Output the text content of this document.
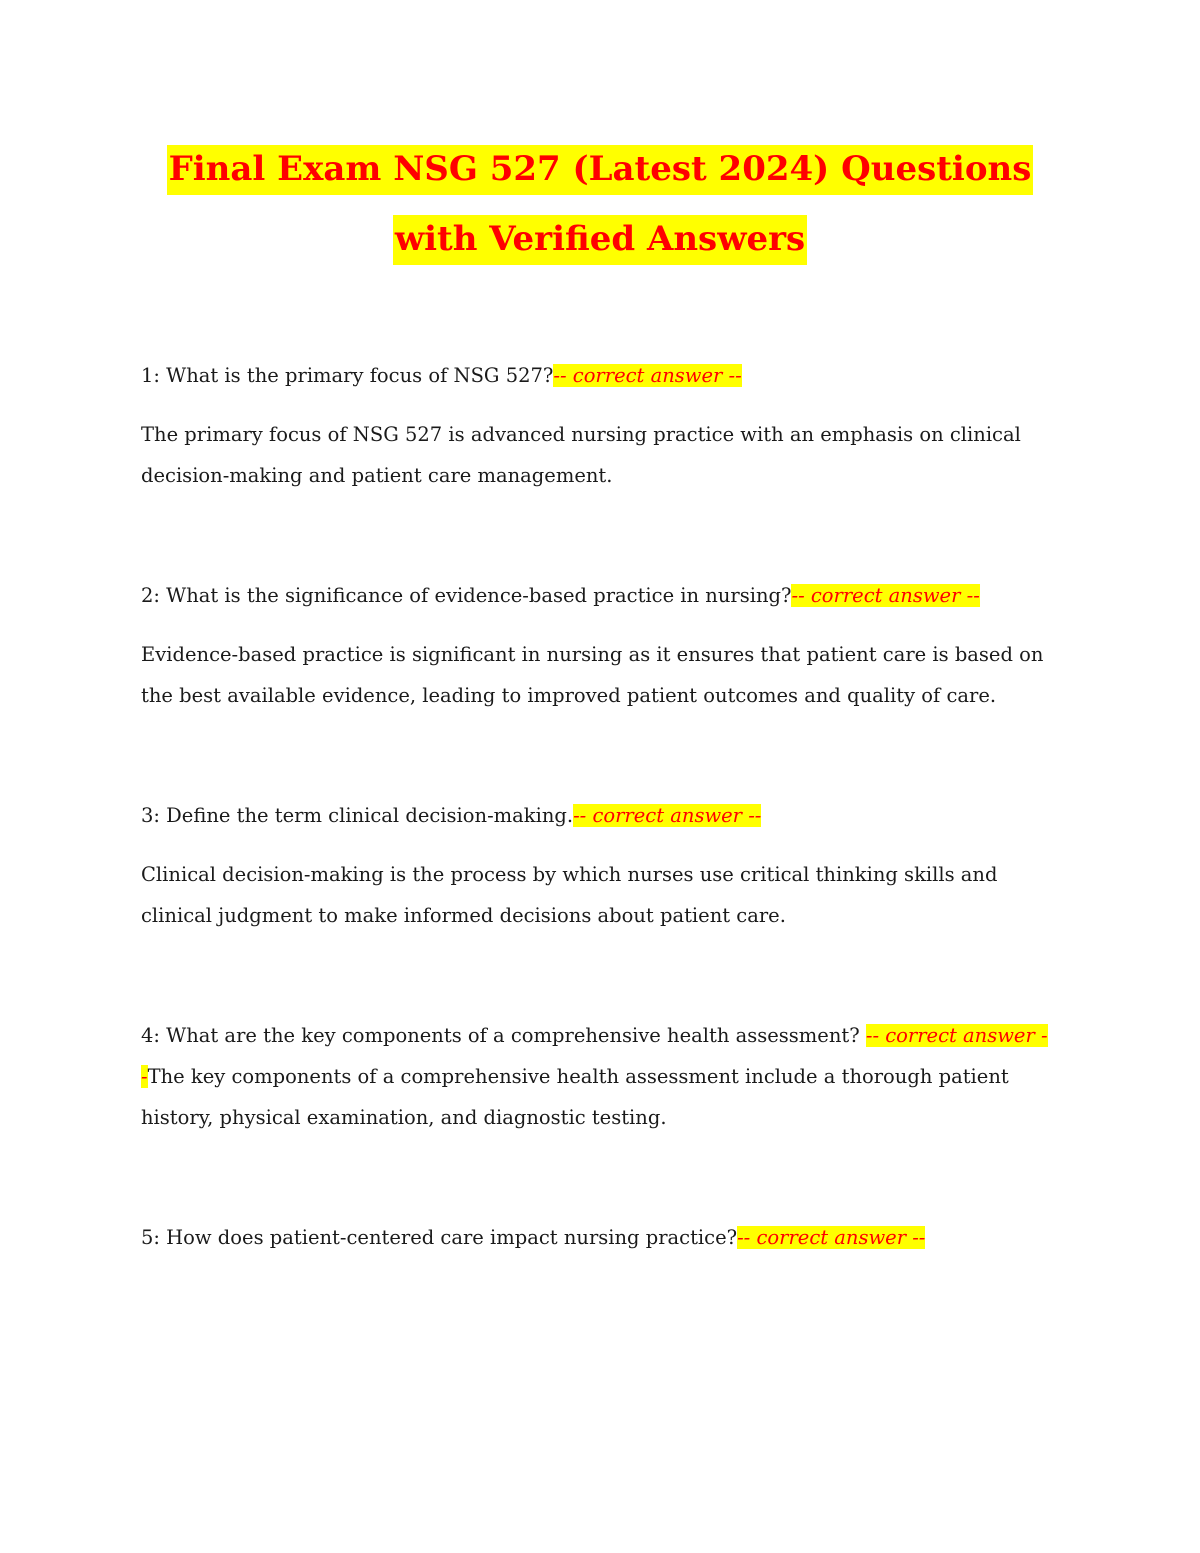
Final Exam NSG 527 (Latest 2024) Questions
with Verified Answers

1: What is the primary focus of NSG 527?-- correct answer --

The primary focus of NSG 527 is advanced nursing practice with an emphasis on clinical decision-making and patient care management.

2: What is the significance of evidence-based practice in nursing?-- correct answer --

Evidence-based practice is significant in nursing as it ensures that patient care is based on the best available evidence, leading to improved patient outcomes and quality of care.

3: Define the term clinical decision-making.-- correct answer --

Clinical decision-making is the process by which nurses use critical thinking skills and clinical judgment to make informed decisions about patient care.

4: What are the key components of a comprehensive health assessment? -- correct answer --The key components of a comprehensive health assessment include a thorough patient history, physical examination, and diagnostic testing.

5: How does patient-centered care impact nursing practice?-- correct answer --
